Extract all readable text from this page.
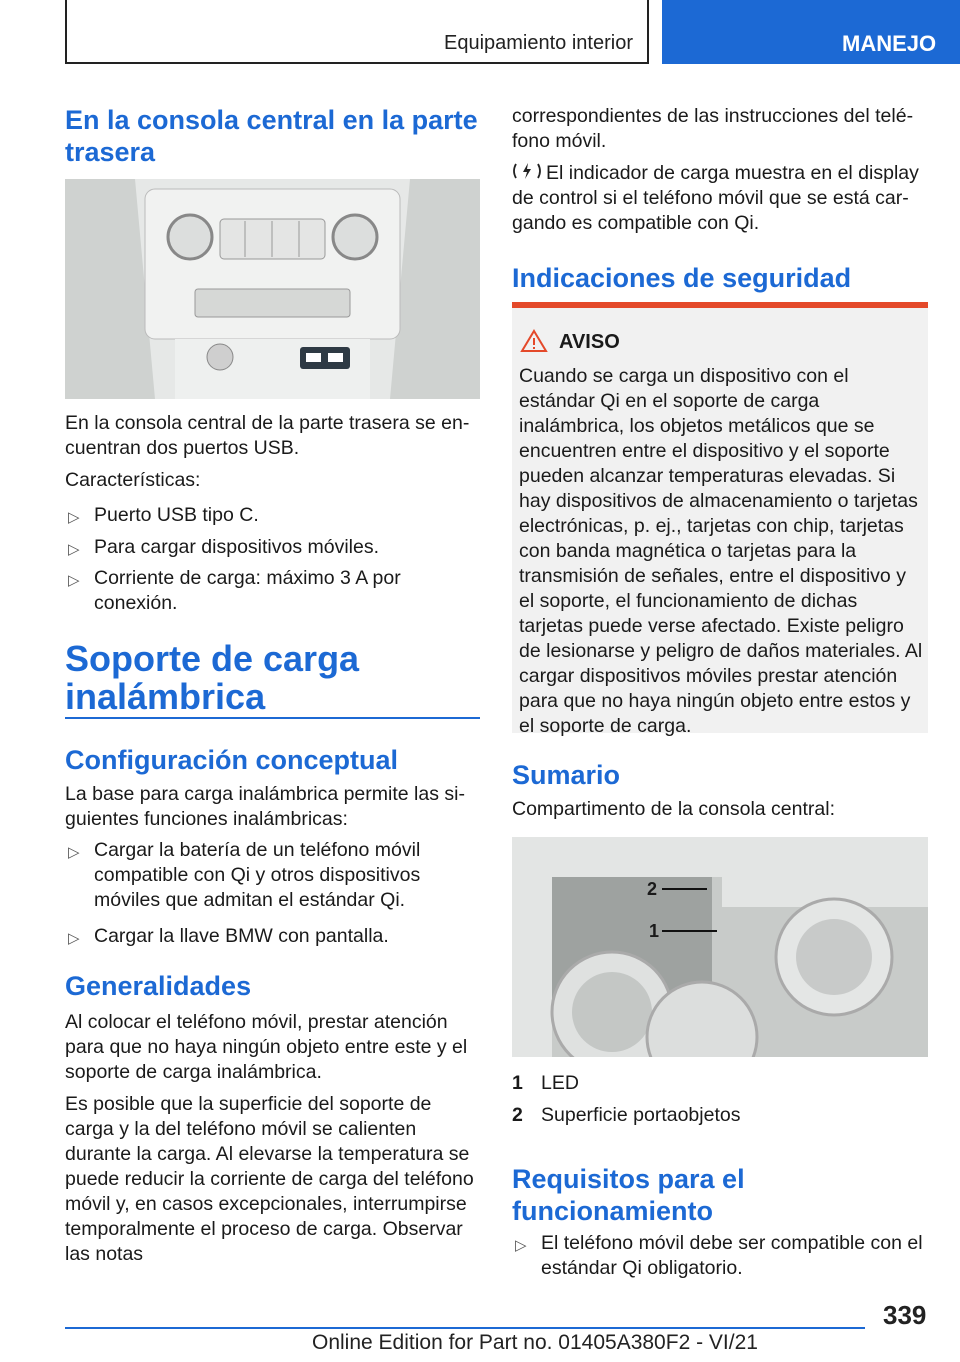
Equipamiento interior	MANEJO
En la consola central en la parte trasera

En la consola central de la parte trasera se encuentran dos puertos USB.

Características:

▷ Puerto USB tipo C.
▷ Para cargar dispositivos móviles.
▷ Corriente de carga: máximo 3 A por conexión.
Soporte de carga inalámbrica
Configuración conceptual

La base para carga inalámbrica permite las siguientes funciones inalámbricas:

▷ Cargar la batería de un teléfono móvil compatible con Qi y otros dispositivos móviles que admitan el estándar Qi.
▷ Cargar la llave BMW con pantalla.
Generalidades

Al colocar el teléfono móvil, prestar atención para que no haya ningún objeto entre este y el soporte de carga inalámbrica.

Es posible que la superficie del soporte de carga y la del teléfono móvil se calienten durante la carga. Al elevarse la temperatura se puede reducir la corriente de carga del teléfono móvil y, en casos excepcionales, interrumpirse temporalmente el proceso de carga. Observar las notas

correspondientes de las instrucciones del teléfono móvil.

El indicador de carga muestra en el display de control si el teléfono móvil que se está cargando es compatible con Qi.
Indicaciones de seguridad

AVISO

Cuando se carga un dispositivo con el estándar Qi en el soporte de carga inalámbrica, los objetos metálicos que se encuentren entre el dispositivo y el soporte pueden alcanzar temperaturas elevadas. Si hay dispositivos de almacenamiento o tarjetas electrónicas, p. ej., tarjetas con chip, tarjetas con banda magnética o tarjetas para la transmisión de señales, entre el dispositivo y el soporte, el funcionamiento de dichas tarjetas puede verse afectado. Existe peligro de lesionarse y peligro de daños materiales. Al cargar dispositivos móviles prestar atención para que no haya ningún objeto entre estos y el soporte de carga.

Sumario

Compartimento de la consola central:

2
1
1 LED
2 Superficie portaobjetos
Requisitos para el funcionamiento
▷ El teléfono móvil debe ser compatible con el estándar Qi obligatorio.
339
Online Edition for Part no. 01405A380F2 - VI/21
